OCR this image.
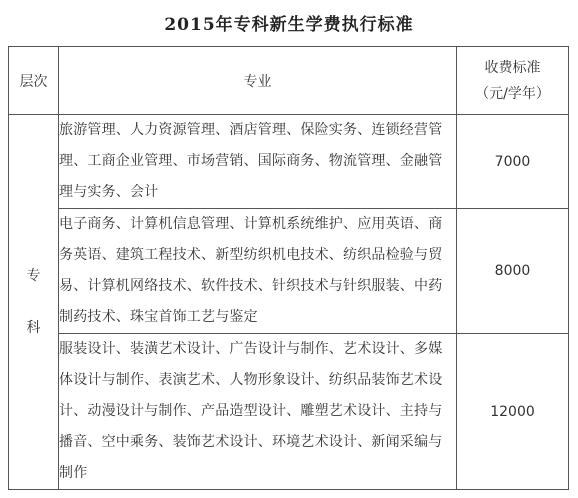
2015年专科新生学费执行标准
层次	专业	收费标准
（元/学年）

专
科	旅游管理、人力资源管理、酒店管理、保险实务、连锁经营管理、工商企业管理、市场营销、国际商务、物流管理、金融管理与实务、会计	7000
	电子商务、计算机信息管理、计算机系统维护、应用英语、商务英语、建筑工程技术、新型纺织机电技术、纺织品检验与贸易、计算机网络技术、软件技术、针织技术与针织服装、中药制药技术、珠宝首饰工艺与鉴定	8000
	服装设计、装潢艺术设计、广告设计与制作、艺术设计、多媒体设计与制作、表演艺术、人物形象设计、纺织品装饰艺术设计、动漫设计与制作、产品造型设计、雕塑艺术设计、主持与播音、空中乘务、装饰艺术设计、环境艺术设计、新闻采编与制作	12000
